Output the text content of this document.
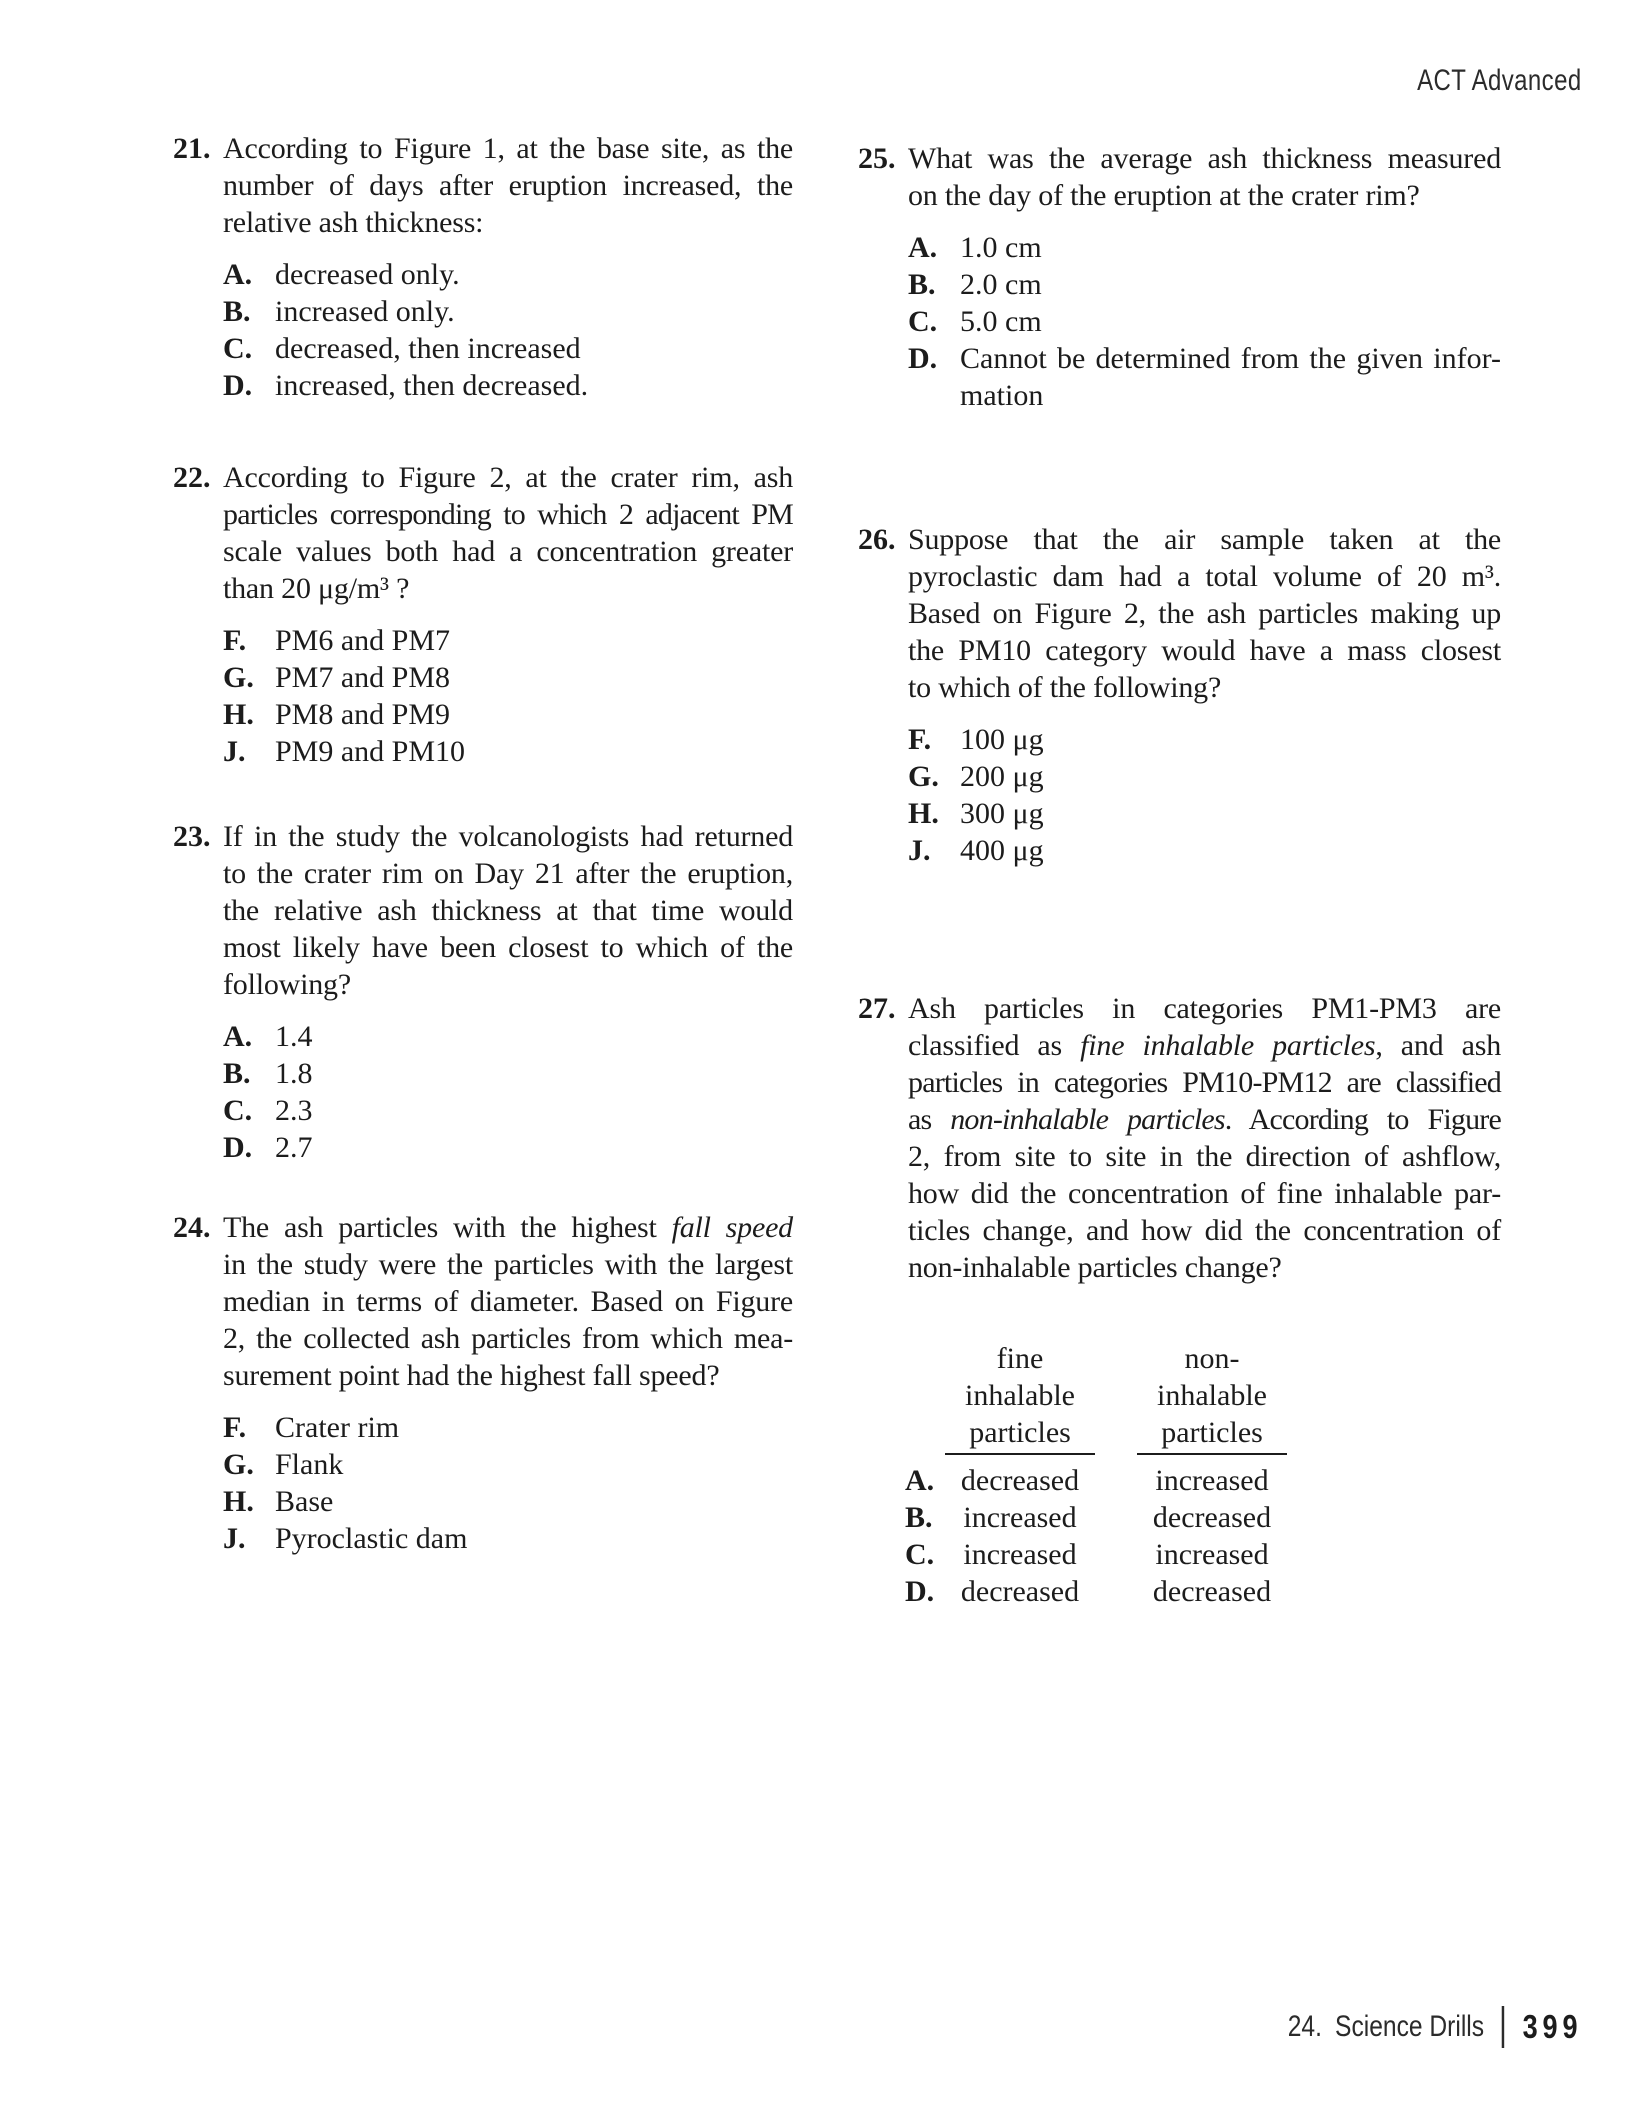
ACT Advanced
21. According to Figure 1, at the base site, as the
number of days after eruption increased, the
relative ash thickness:
A. decreased only.
B. increased only.
C. decreased, then increased
D. increased, then decreased.
22. According to Figure 2, at the crater rim, ash
particles corresponding to which 2 adjacent PM
scale values both had a concentration greater
than 20 μg/m³ ?
F. PM6 and PM7
G. PM7 and PM8
H. PM8 and PM9
J. PM9 and PM10
23. If in the study the volcanologists had returned
to the crater rim on Day 21 after the eruption,
the relative ash thickness at that time would
most likely have been closest to which of the
following?
A. 1.4
B. 1.8
C. 2.3
D. 2.7
24. The ash particles with the highest fall speed
in the study were the particles with the largest
median in terms of diameter. Based on Figure
2, the collected ash particles from which mea-
surement point had the highest fall speed?
F. Crater rim
G. Flank
H. Base
J. Pyroclastic dam
25. What was the average ash thickness measured
on the day of the eruption at the crater rim?
A. 1.0 cm
B. 2.0 cm
C. 5.0 cm
D. Cannot be determined from the given infor-
mation
26. Suppose that the air sample taken at the
pyroclastic dam had a total volume of 20 m³.
Based on Figure 2, the ash particles making up
the PM10 category would have a mass closest
to which of the following?
F. 100 μg
G. 200 μg
H. 300 μg
J. 400 μg
27. Ash particles in categories PM1-PM3 are
classified as fine inhalable particles, and ash
particles in categories PM10-PM12 are classified
as non-inhalable particles. According to Figure
2, from site to site in the direction of ashflow,
how did the concentration of fine inhalable par-
ticles change, and how did the concentration of
non-inhalable particles change?
fine inhalable
particles
non-inhalable
particles
A. decreased	increased
B.	increased	decreased
C. increased	increased
D. decreased	decreased
24. Science Drills 399
